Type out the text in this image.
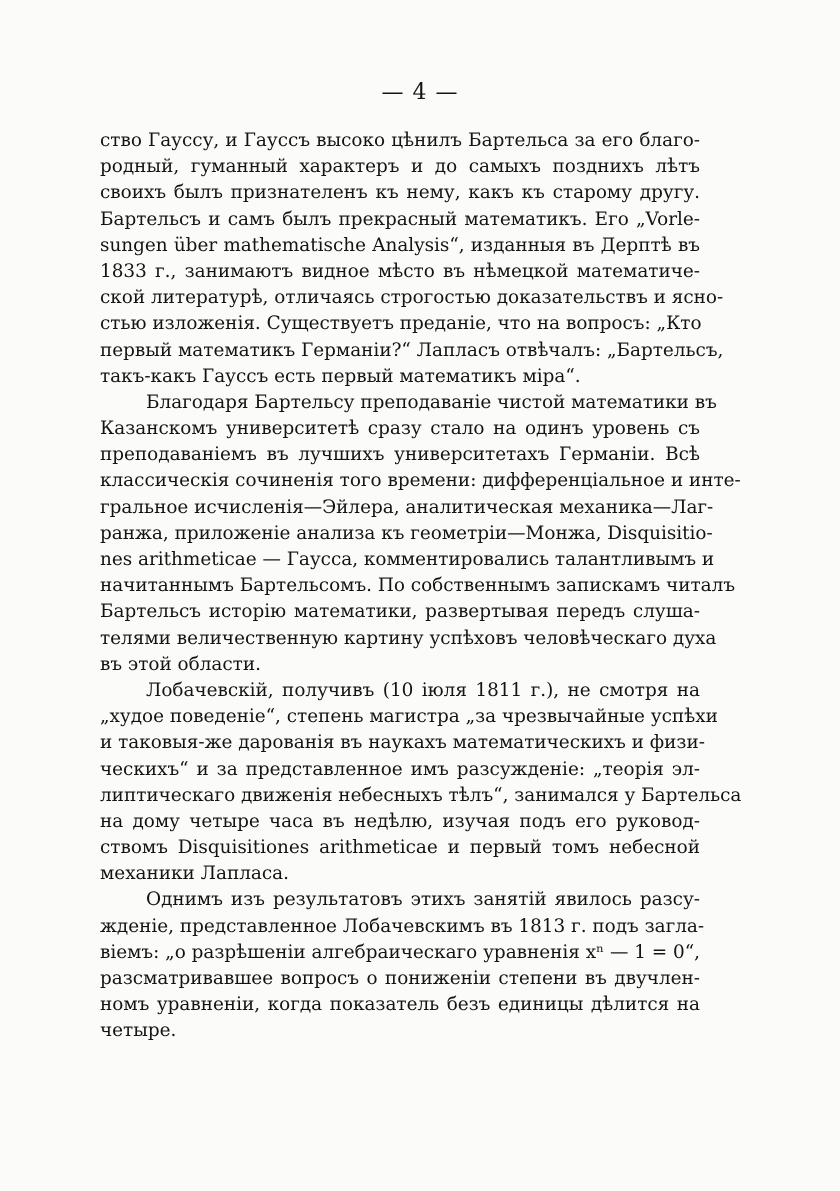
— 4 —

ство Гауссу, и Гауссъ высоко цѣнилъ Бартельса за его благо-
родный, гуманный характеръ и до самыхъ позднихъ лѣтъ
своихъ былъ признателенъ къ нему, какъ къ старому другу.
Бартельсъ и самъ былъ прекрасный математикъ. Его „Vorle-
sungen über mathematische Analysis“, изданныя въ Дерптѣ въ
1833 г., занимаютъ видное мѣсто въ нѣмецкой математиче-
ской литературѣ, отличаясь строгостью доказательствъ и ясно-
стью изложенія. Существуетъ преданіе, что на вопросъ: „Кто
первый математикъ Германіи?“ Лапласъ отвѣчалъ: „Бартельсъ,
такъ-какъ Гауссъ есть первый математикъ міра“.

Благодаря Бартельсу преподаваніе чистой математики въ
Казанскомъ университетѣ сразу стало на одинъ уровень съ
преподаваніемъ въ лучшихъ университетахъ Германіи. Всѣ
классическія сочиненія того времени: дифференціальное и инте-
гральное исчисленія—Эйлера, аналитическая механика—Лаг-
ранжа, приложеніе анализа къ геометріи—Монжа, Disquisitio-
nes arithmeticae — Гаусса, комментировались талантливымъ и
начитаннымъ Бартельсомъ. По собственнымъ запискамъ читалъ
Бартельсъ исторію математики, развертывая передъ слуша-
телями величественную картину успѣховъ человѣческаго духа
въ этой области.

Лобачевскій, получивъ (10 іюля 1811 г.), не смотря на
„худое поведеніе“, степень магистра „за чрезвычайные успѣхи
и таковыя-же дарованія въ наукахъ математическихъ и физи-
ческихъ“ и за представленное имъ разсужденіе: „теорія эл-
липтическаго движенія небесныхъ тѣлъ“, занимался у Бартельса
на дому четыре часа въ недѣлю, изучая подъ его руковод-
ствомъ Disquisitiones arithmeticae и первый томъ небесной
механики Лапласа.

Однимъ изъ результатовъ этихъ занятій явилось разсу-
жденіе, представленное Лобачевскимъ въ 1813 г. подъ загла-
віемъ: „о разрѣшеніи алгебраическаго уравненія xⁿ — 1 = 0“,
разсматривавшее вопросъ о пониженіи степени въ двучлен-
номъ уравненіи, когда показатель безъ единицы дѣлится на
четыре.
